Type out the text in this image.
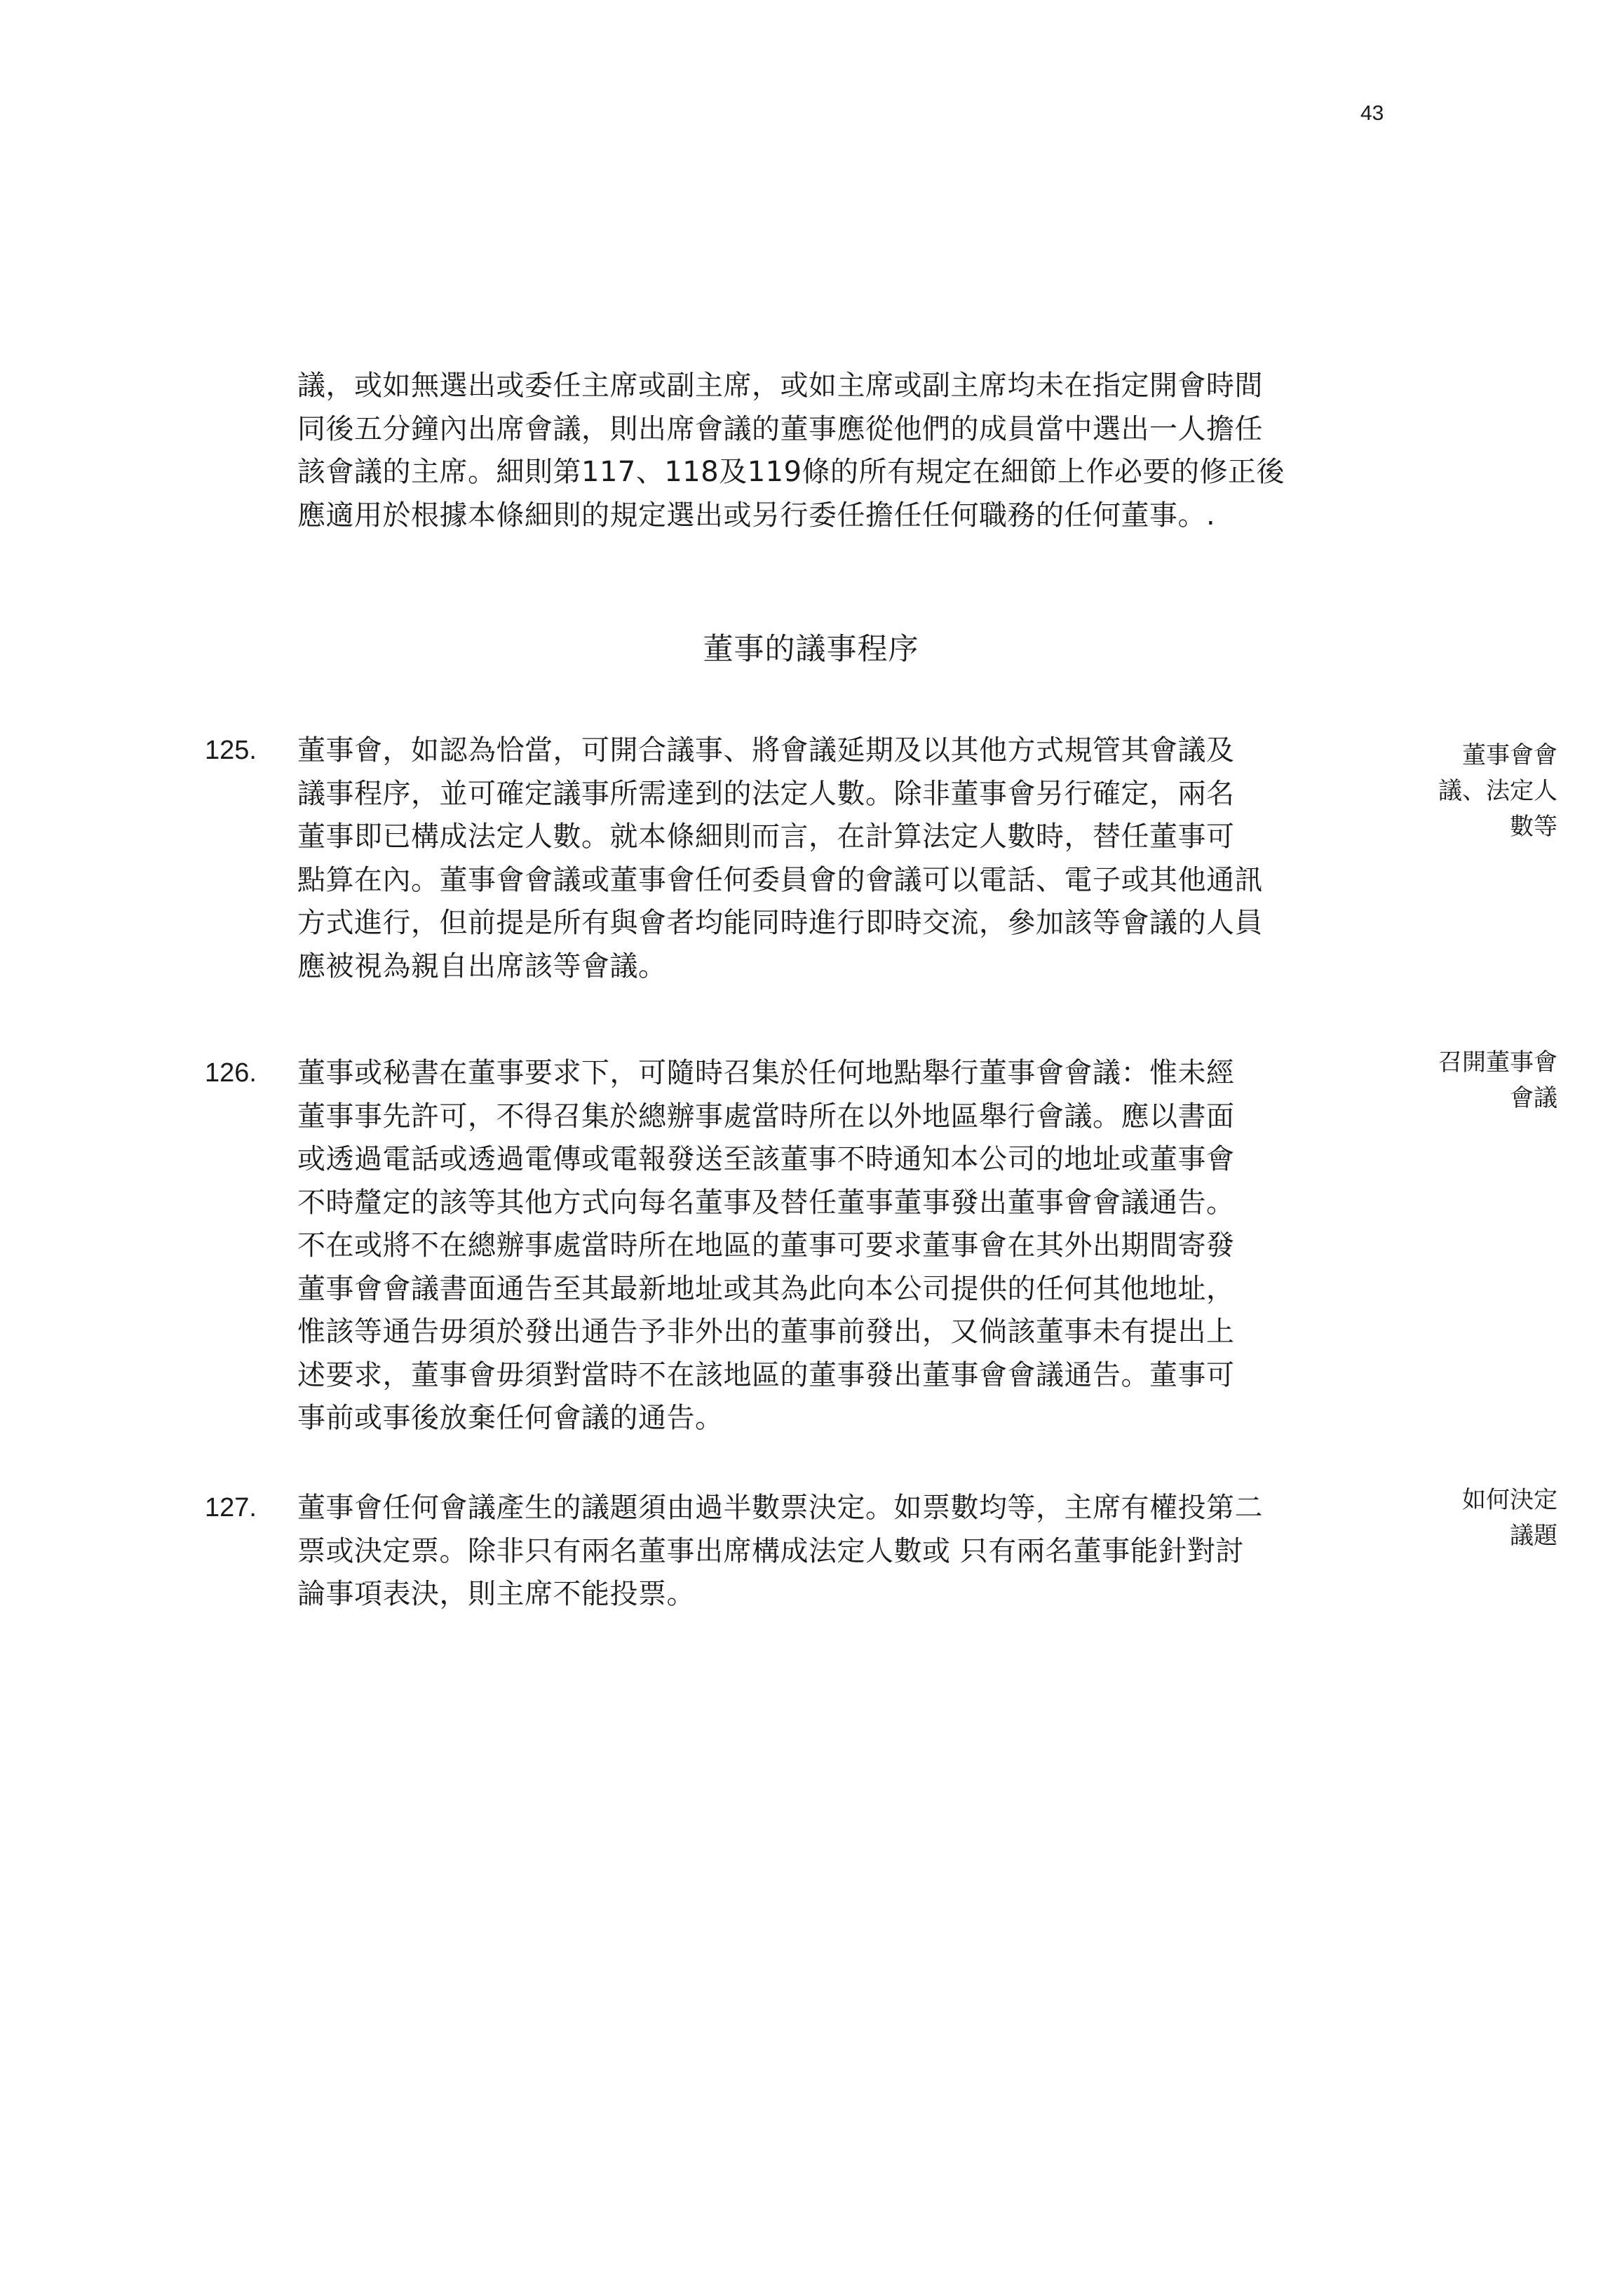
43
議，或如無選出或委任主席或副主席，或如主席或副主席均未在指定開會時間
同後五分鐘內出席會議，則出席會議的董事應從他們的成員當中選出一人擔任
該會議的主席。細則第117、118及119條的所有規定在細節上作必要的修正後
應適用於根據本條細則的規定選出或另行委任擔任任何職務的任何董事。.
董事的議事程序
125. 董事會，如認為恰當，可開合議事、將會議延期及以其他方式規管其會議及
議事程序，並可確定議事所需達到的法定人數。除非董事會另行確定，兩名
董事即已構成法定人數。就本條細則而言，在計算法定人數時，替任董事可
點算在內。董事會會議或董事會任何委員會的會議可以電話、電子或其他通訊
方式進行，但前提是所有與會者均能同時進行即時交流，參加該等會議的人員
應被視為親自出席該等會議。
董事會會
議、法定人
數等
126. 董事或秘書在董事要求下，可隨時召集於任何地點舉行董事會會議：惟未經
董事事先許可，不得召集於總辦事處當時所在以外地區舉行會議。應以書面
或透過電話或透過電傳或電報發送至該董事不時通知本公司的地址或董事會
不時釐定的該等其他方式向每名董事及替任董事董事發出董事會會議通告。
不在或將不在總辦事處當時所在地區的董事可要求董事會在其外出期間寄發
董事會會議書面通告至其最新地址或其為此向本公司提供的任何其他地址，
惟該等通告毋須於發出通告予非外出的董事前發出，又倘該董事未有提出上
述要求，董事會毋須對當時不在該地區的董事發出董事會會議通告。董事可
事前或事後放棄任何會議的通告。
召開董事會
會議
127. 董事會任何會議產生的議題須由過半數票決定。如票數均等，主席有權投第二
票或決定票。除非只有兩名董事出席構成法定人數或 只有兩名董事能針對討
論事項表決，則主席不能投票。
如何決定
議題
